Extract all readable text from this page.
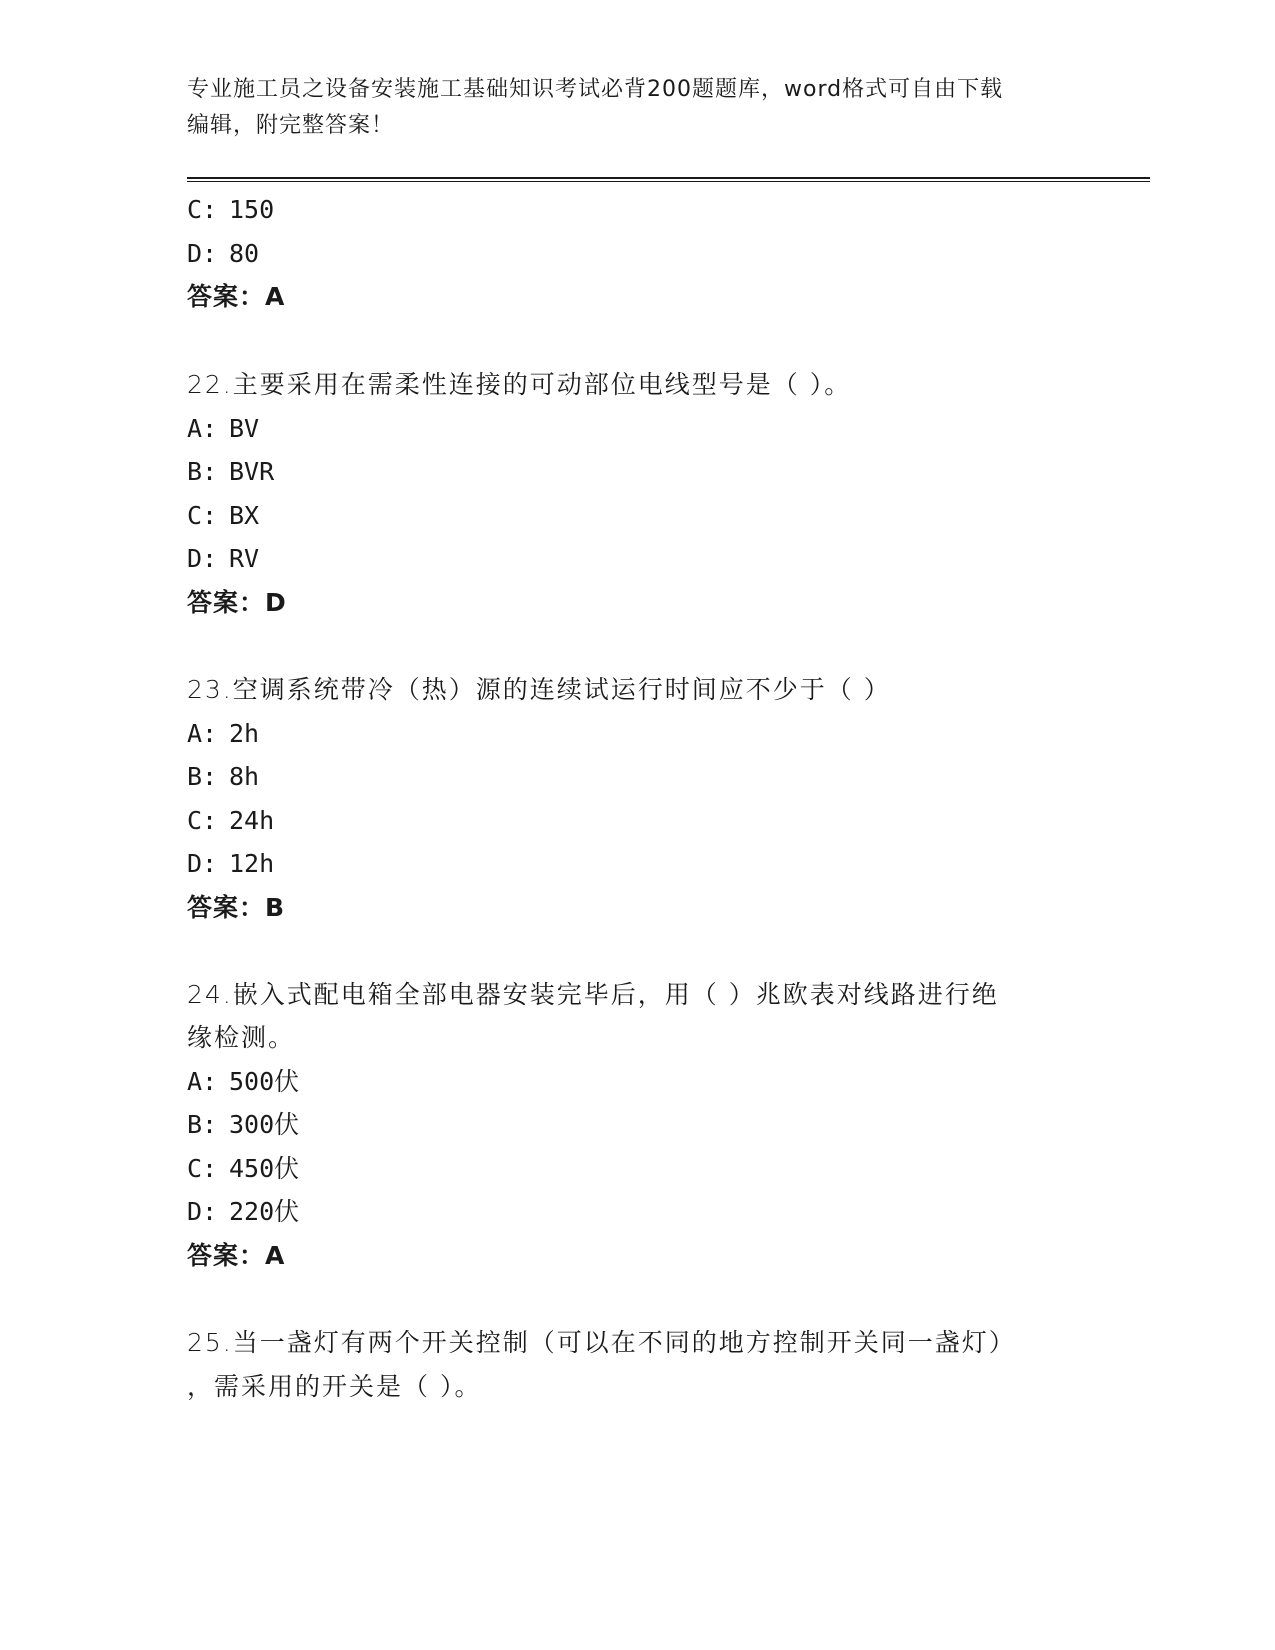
专业施工员之设备安装施工基础知识考试必背200题题库，word格式可自由下载
编辑，附完整答案！
C: 150
D: 80
答案：A
22.主要采用在需柔性连接的可动部位电线型号是（ ）。
A: BV
B: BVR
C: BX
D: RV
答案：D
23.空调系统带冷（热）源的连续试运行时间应不少于（ ）
A: 2h
B: 8h
C: 24h
D: 12h
答案：B
24.嵌入式配电箱全部电器安装完毕后，用（ ）兆欧表对线路进行绝
缘检测。
A: 500伏
B: 300伏
C: 450伏
D: 220伏
答案：A
25.当一盏灯有两个开关控制（可以在不同的地方控制开关同一盏灯）
，需采用的开关是（ ）。
